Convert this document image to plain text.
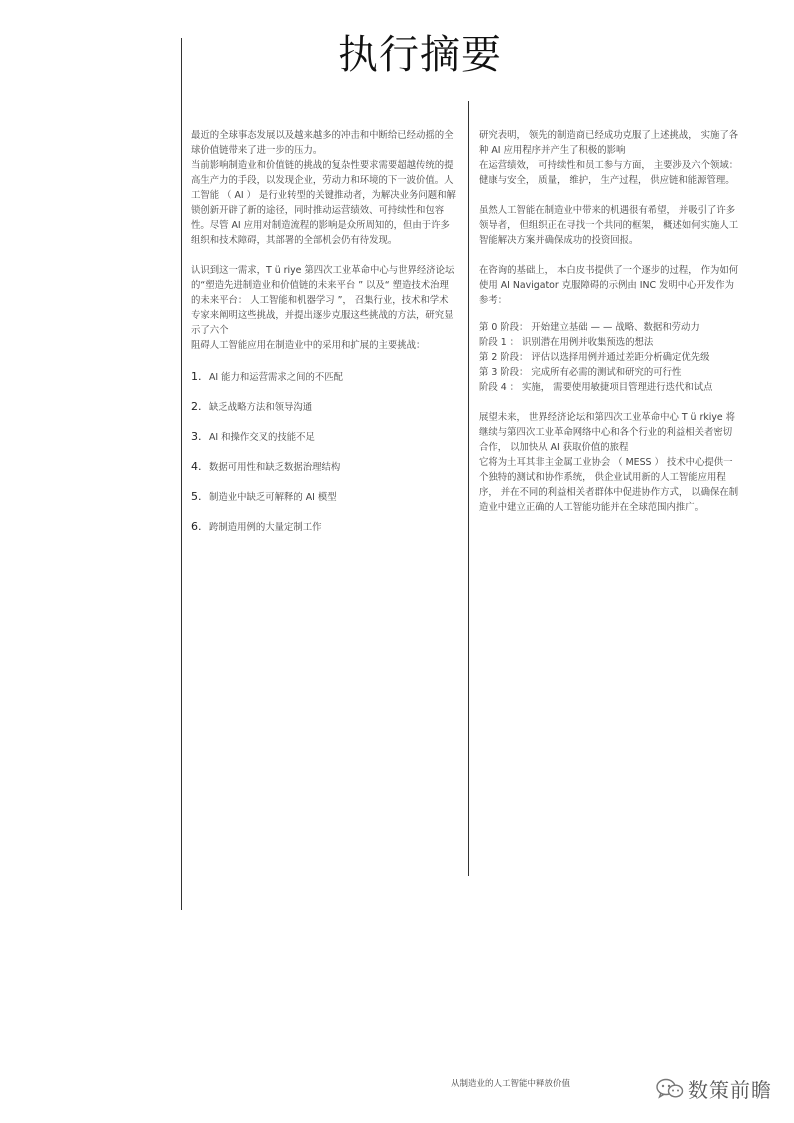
执行摘要

最近的全球事态发展以及越来越多的冲击和中断给已经动摇的全球价值链带来了进一步的压力。

当前影响制造业和价值链的挑战的复杂性要求需要超越传统的提高生产力的手段，以发现企业，劳动力和环境的下一波价值。人工智能 （ AI ） 是行业转型的关键推动者，为解决业务问题和解锁创新开辟了新的途径，同时推动运营绩效、可持续性和包容性。尽管 AI 应用对制造流程的影响是众所周知的，但由于许多组织和技术障碍，其部署的全部机会仍有待发现。

认识到这一需求，T ü riye 第四次工业革命中心与世界经济论坛的“塑造先进制造业和价值链的未来平台 ” 以及“ 塑造技术治理的未来平台： 人工智能和机器学习 ”， 召集行业，技术和学术专家来阐明这些挑战，并提出逐步克服这些挑战的方法，研究显示了六个

阻碍人工智能应用在制造业中的采用和扩展的主要挑战：

1. AI 能力和运营需求之间的不匹配
2. 缺乏战略方法和领导沟通
3. AI 和操作交叉的技能不足
4. 数据可用性和缺乏数据治理结构
5. 制造业中缺乏可解释的 AI 模型
6. 跨制造用例的大量定制工作

研究表明， 领先的制造商已经成功克服了上述挑战， 实施了各种 AI 应用程序并产生了积极的影响

在运营绩效， 可持续性和员工参与方面， 主要涉及六个领域： 健康与安全， 质量， 维护， 生产过程， 供应链和能源管理。

虽然人工智能在制造业中带来的机遇很有希望， 并吸引了许多领导者， 但组织正在寻找一个共同的框架， 概述如何实施人工智能解决方案并确保成功的投资回报。

在咨询的基础上， 本白皮书提供了一个逐步的过程， 作为如何使用 AI Navigator 克服障碍的示例由 INC 发明中心开发作为参考：

第 0 阶段： 开始建立基础 — — 战略、数据和劳动力

阶段 1 ： 识别潜在用例并收集预选的想法

第 2 阶段： 评估以选择用例并通过差距分析确定优先级

第 3 阶段： 完成所有必需的测试和研究的可行性

阶段 4 ： 实施， 需要使用敏捷项目管理进行迭代和试点

展望未来， 世界经济论坛和第四次工业革命中心 T ü rkiye 将继续与第四次工业革命网络中心和各个行业的利益相关者密切合作， 以加快从 AI 获取价值的旅程

它将为土耳其非主金属工业协会 （ MESS ） 技术中心提供一个独特的测试和协作系统， 供企业试用新的人工智能应用程序， 并在不同的利益相关者群体中促进协作方式， 以确保在制造业中建立正确的人工智能功能并在全球范围内推广。

从制造业的人工智能中释放价值	数策前瞻
